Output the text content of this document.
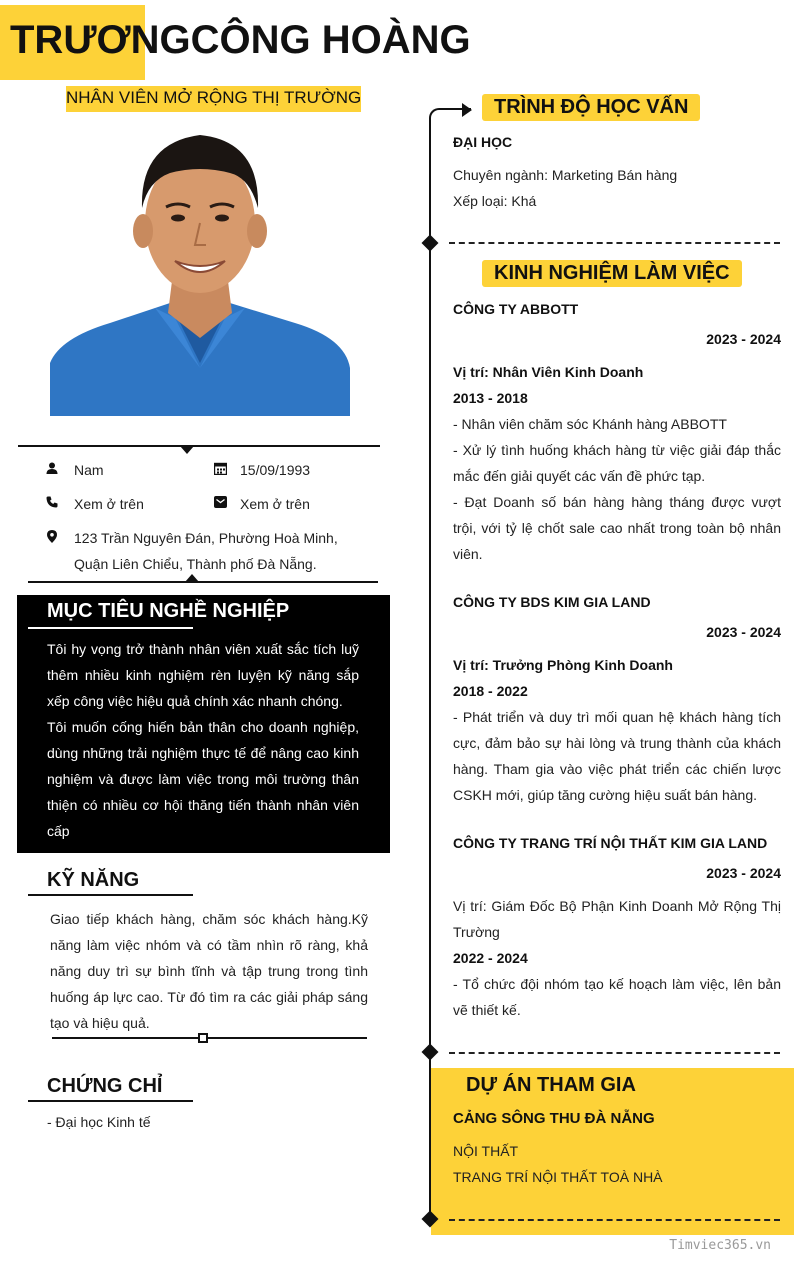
TRƯƠNGCÔNG HOÀNG
NHÂN VIÊN MỞ RỘNG THỊ TRƯỜNG
Nam	15/09/1993
Xem ở trên	Xem ở trên
123 Trần Nguyên Đán, Phường Hoà Minh,
Quận Liên Chiểu, Thành phố Đà Nẵng.
MỤC TIÊU NGHỀ NGHIỆP
Tôi hy vọng trở thành nhân viên xuất sắc tích luỹ thêm nhiều kinh nghiệm rèn luyện kỹ năng sắp xếp công việc hiệu quả chính xác nhanh chóng.
Tôi muốn cống hiến bản thân cho doanh nghiệp, dùng những trải nghiệm thực tế để nâng cao kinh nghiệm và được làm việc trong môi trường thân thiện có nhiều cơ hội thăng tiến thành nhân viên cấp
KỸ NĂNG
Giao tiếp khách hàng, chăm sóc khách hàng.Kỹ năng làm việc nhóm và có tầm nhìn rõ ràng, khả năng duy trì sự bình tĩnh và tập trung trong tình huống áp lực cao. Từ đó tìm ra các giải pháp sáng tạo và hiệu quả.
CHỨNG CHỈ
- Đại học Kinh tế
TRÌNH ĐỘ HỌC VẤN
ĐẠI HỌC
Chuyên ngành: Marketing Bán hàng
Xếp loại: Khá
KINH NGHIỆM LÀM VIỆC
CÔNG TY ABBOTT
2023 - 2024
Vị trí: Nhân Viên Kinh Doanh
2013 - 2018
- Nhân viên chăm sóc Khánh hàng ABBOTT
- Xử lý tình huống khách hàng từ việc giải đáp thắc mắc đến giải quyết các vấn đề phức tạp.
- Đạt Doanh số bán hàng hàng tháng được vượt trội, với tỷ lệ chốt sale cao nhất trong toàn bộ nhân viên.
CÔNG TY BDS KIM GIA LAND
2023 - 2024
Vị trí: Trưởng Phòng Kinh Doanh
2018 - 2022
- Phát triển và duy trì mối quan hệ khách hàng tích cực, đảm bảo sự hài lòng và trung thành của khách hàng. Tham gia vào việc phát triển các chiến lược CSKH mới, giúp tăng cường hiệu suất bán hàng.
CÔNG TY TRANG TRÍ NỘI THẤT KIM GIA LAND
2023 - 2024
Vị trí: Giám Đốc Bộ Phận Kinh Doanh Mở Rộng Thị Trường
2022 - 2024
- Tổ chức đội nhóm tạo kế hoạch làm việc, lên bản vẽ thiết kế.
DỰ ÁN THAM GIA
CẢNG SÔNG THU ĐÀ NẴNG
NỘI THẤT
TRANG TRÍ NỘI THẤT TOÀ NHÀ
Timviec365.vn
